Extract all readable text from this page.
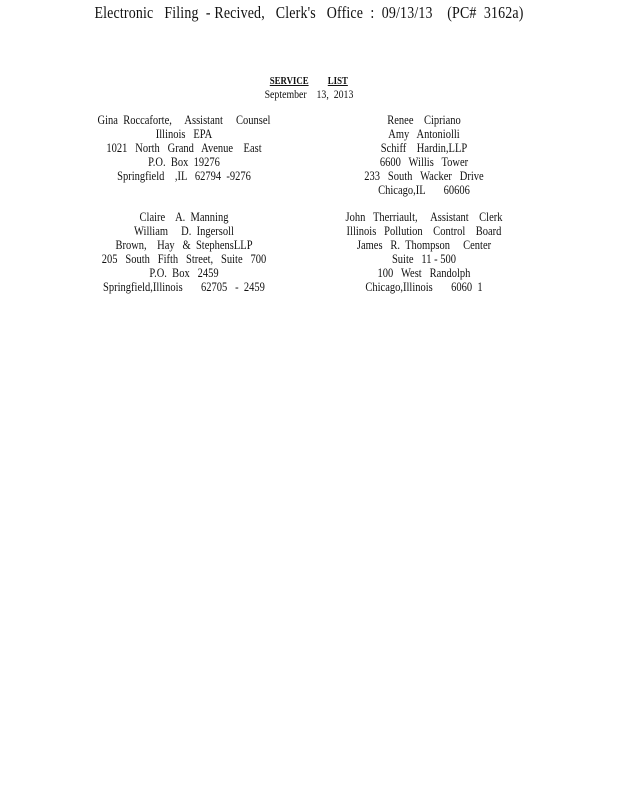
Electronic   Filing  - Recived,   Clerk's   Office  :  09/13/13    (PC#  3162a)
SERVICE LIST
September    13,  2013
Gina  Roccaforte,     Assistant     Counsel
Illinois   EPA
1021   North   Grand   Avenue    East
P.O.  Box  19276
Springfield    ,IL   62794  -9276
Renee    Cipriano
Amy   Antoniolli
Schiff    Hardin,LLP
6600   Willis   Tower
233   South   Wacker   Drive
Chicago,IL       60606
Claire    A.  Manning
William     D.  Ingersoll
Brown,    Hay   &  StephensLLP
205   South   Fifth   Street,   Suite   700
P.O.  Box   2459
Springfield,Illinois       62705   -  2459
John   Therriault,     Assistant    Clerk
Illinois   Pollution    Control    Board
James   R.  Thompson     Center
Suite   11 - 500
100   West   Randolph
Chicago,Illinois       6060  1
